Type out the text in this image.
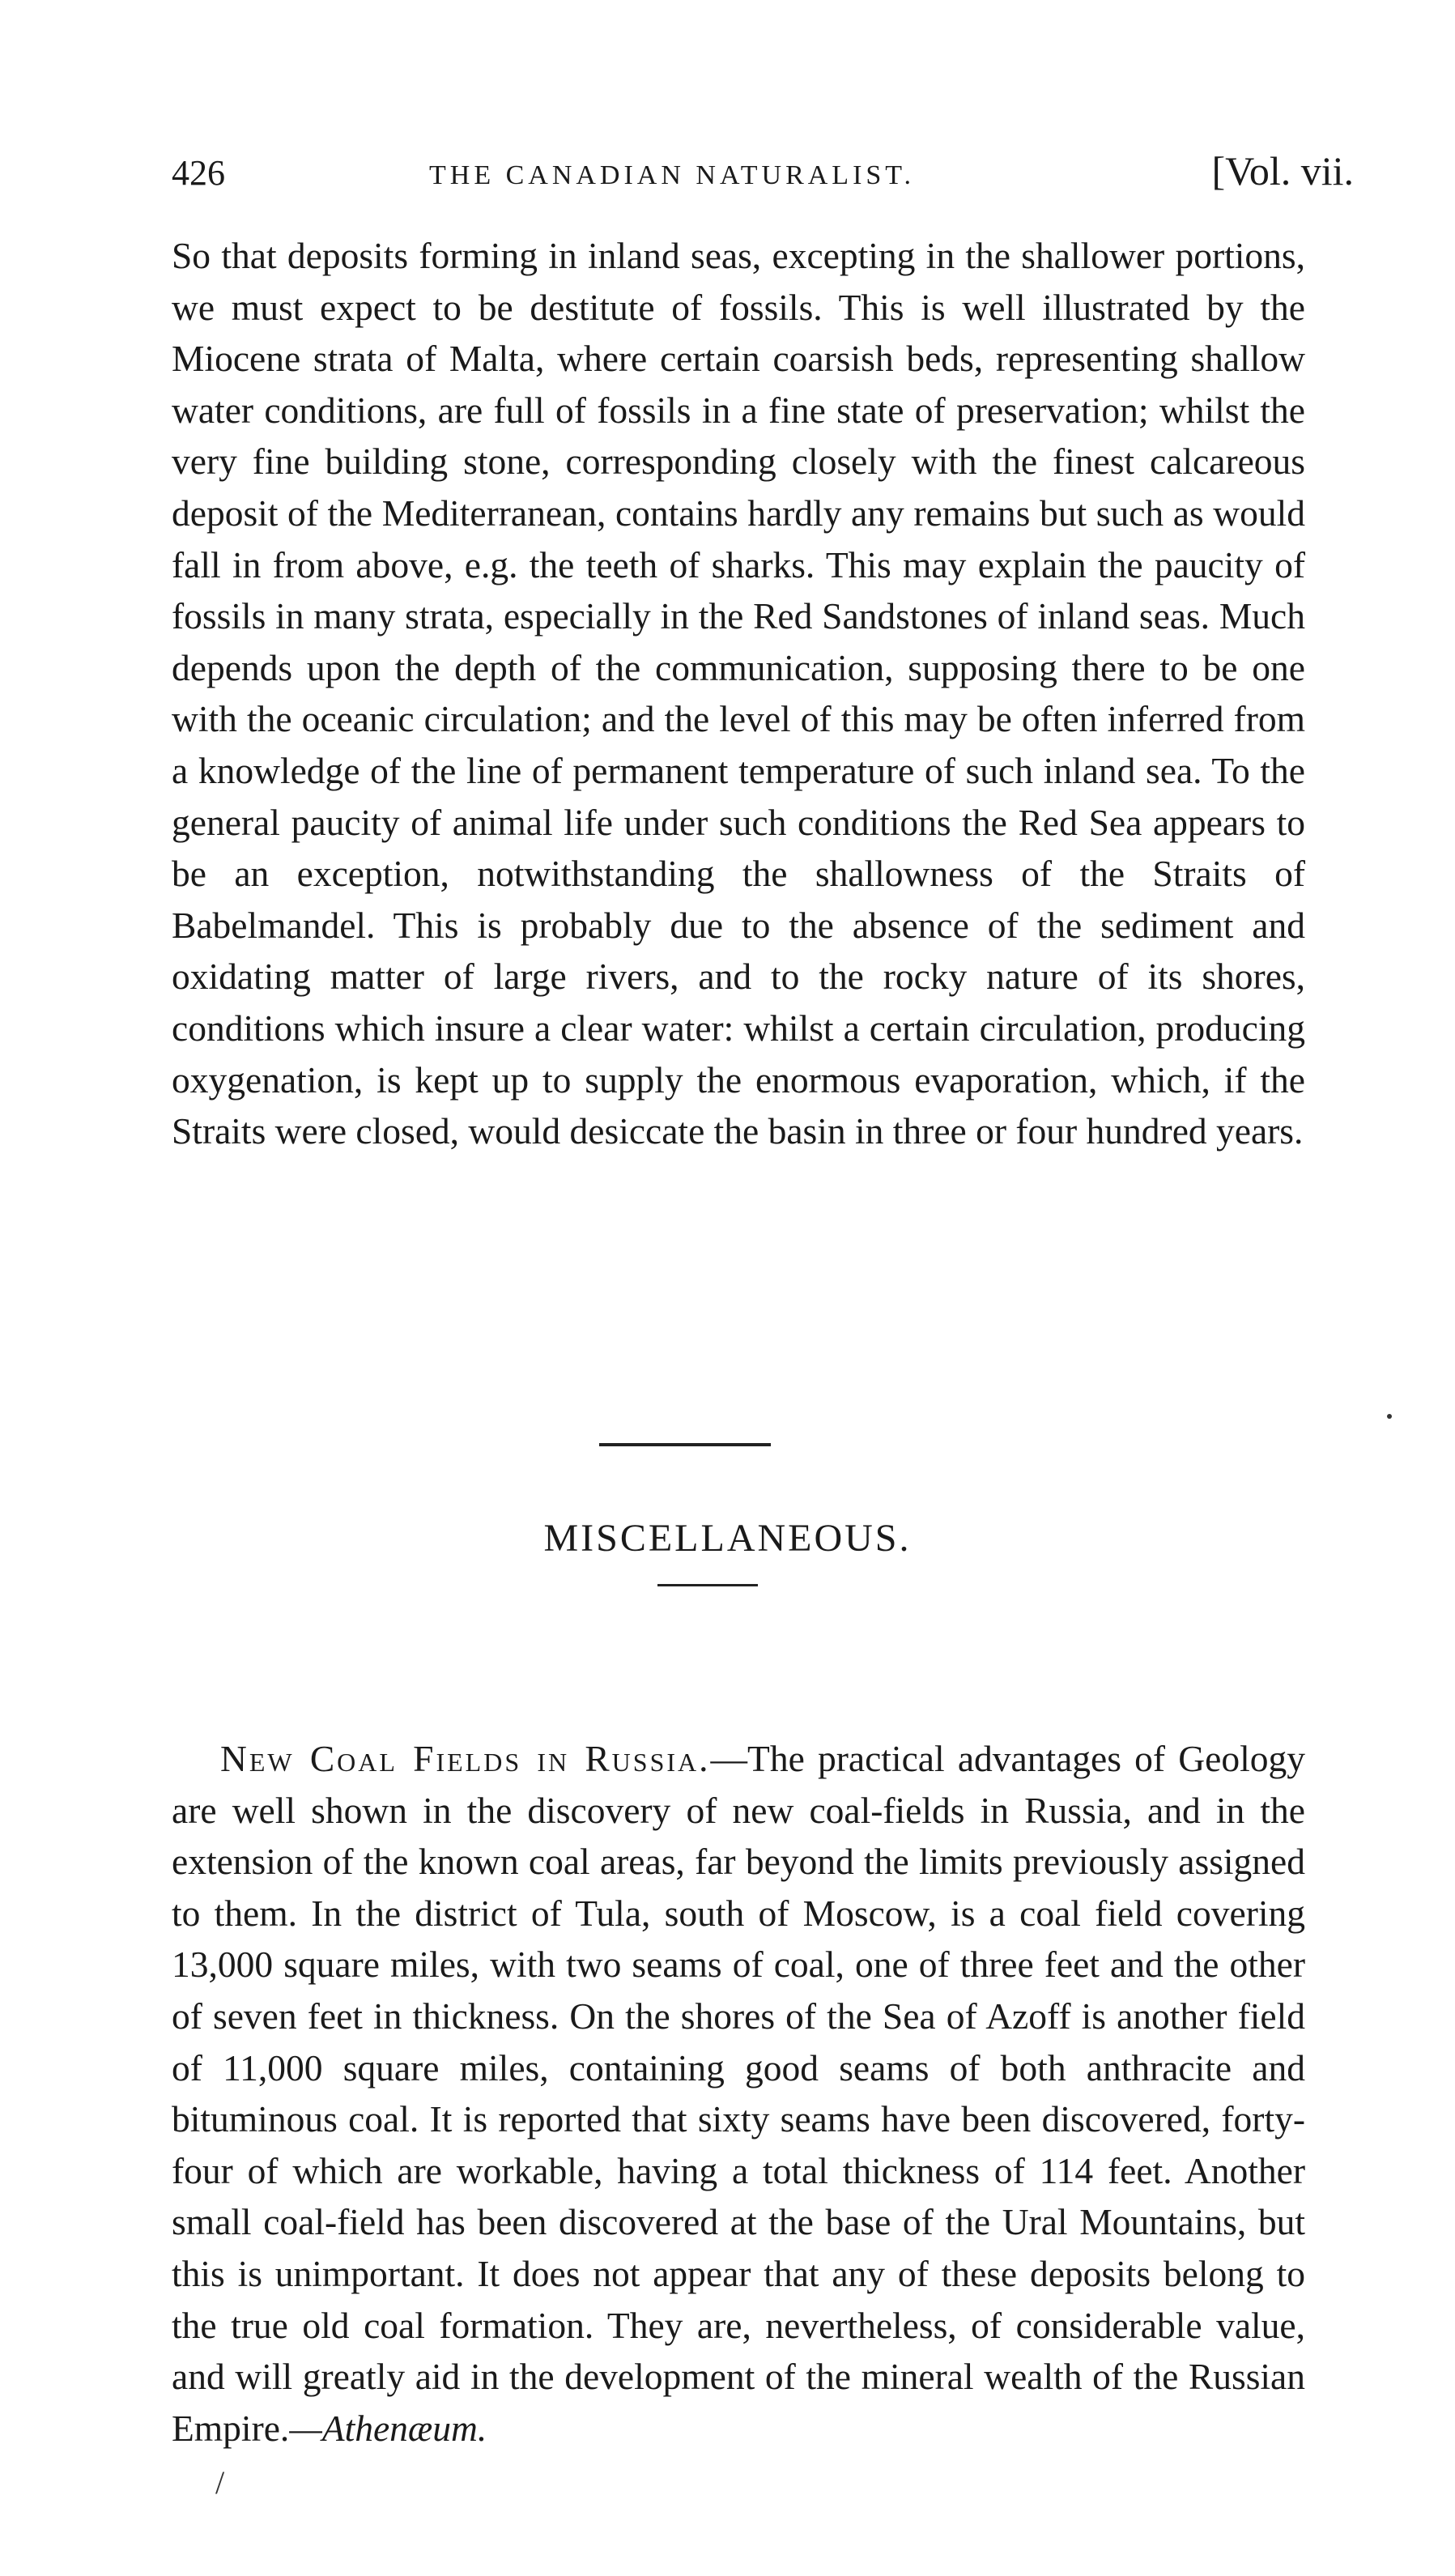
426	THE CANADIAN NATURALIST.	[Vol. vii.

So that deposits forming in inland seas, excepting in the shallower portions, we must expect to be destitute of fossils. This is well illustrated by the Miocene strata of Malta, where certain coarsish beds, representing shallow water conditions, are full of fossils in a fine state of preservation; whilst the very fine building stone, corresponding closely with the finest calcareous deposit of the Mediterranean, contains hardly any remains but such as would fall in from above, e.g. the teeth of sharks. This may explain the paucity of fossils in many strata, especially in the Red Sandstones of inland seas. Much depends upon the depth of the communication, supposing there to be one with the oceanic circulation; and the level of this may be often inferred from a knowledge of the line of permanent temperature of such inland sea. To the general paucity of animal life under such conditions the Red Sea appears to be an exception, notwithstanding the shallowness of the Straits of Babelmandel. This is probably due to the absence of the sediment and oxidating matter of large rivers, and to the rocky nature of its shores, conditions which insure a clear water: whilst a certain circulation, producing oxygenation, is kept up to supply the enormous evaporation, which, if the Straits were closed, would desiccate the basin in three or four hundred years.

MISCELLANEOUS.

New Coal Fields in Russia.—The practical advantages of Geology are well shown in the discovery of new coal-fields in Russia, and in the extension of the known coal areas, far beyond the limits previously assigned to them. In the district of Tula, south of Moscow, is a coal field covering 13,000 square miles, with two seams of coal, one of three feet and the other of seven feet in thickness. On the shores of the Sea of Azoff is another field of 11,000 square miles, containing good seams of both anthracite and bituminous coal. It is reported that sixty seams have been discovered, forty-four of which are workable, having a total thickness of 114 feet. Another small coal-field has been discovered at the base of the Ural Mountains, but this is unimportant. It does not appear that any of these deposits belong to the true old coal formation. They are, nevertheless, of considerable value, and will greatly aid in the development of the mineral wealth of the Russian Empire.—Athenæum.

/
